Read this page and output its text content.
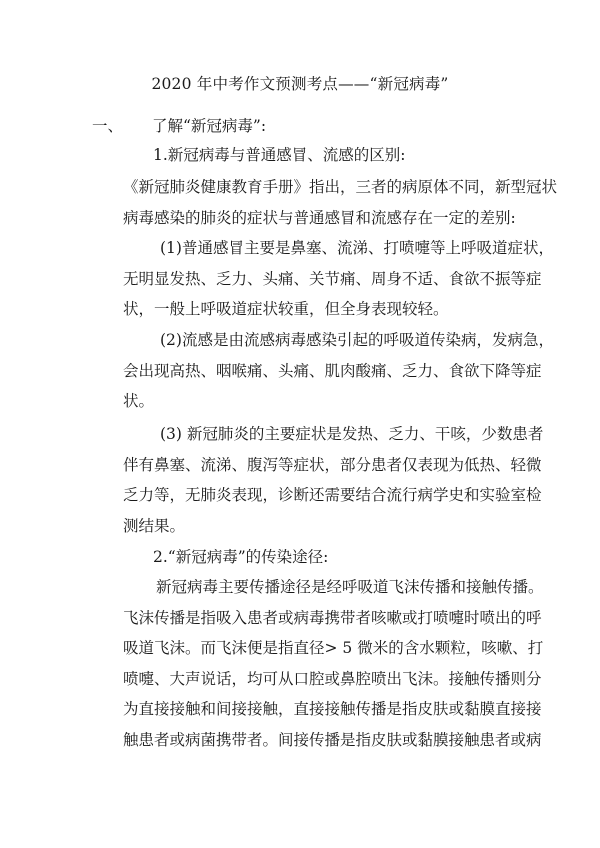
2020 年中考作文预测考点——“新冠病毒”
一、 了解“新冠病毒”:
1.新冠病毒与普通感冒、流感的区别:
《新冠肺炎健康教育手册》指出，三者的病原体不同，新型冠状
病毒感染的肺炎的症状与普通感冒和流感存在一定的差别:
(1)普通感冒主要是鼻塞、流涕、打喷嚏等上呼吸道症状，
无明显发热、乏力、头痛、关节痛、周身不适、食欲不振等症
状，一般上呼吸道症状较重，但全身表现较轻。
(2)流感是由流感病毒感染引起的呼吸道传染病，发病急，
会出现高热、咽喉痛、头痛、肌肉酸痛、乏力、食欲下降等症
状。
(3) 新冠肺炎的主要症状是发热、乏力、干咳，少数患者
伴有鼻塞、流涕、腹泻等症状，部分患者仅表现为低热、轻微
乏力等，无肺炎表现，诊断还需要结合流行病学史和实验室检
测结果。
2.“新冠病毒”的传染途径:
新冠病毒主要传播途径是经呼吸道飞沫传播和接触传播。
飞沫传播是指吸入患者或病毒携带者咳嗽或打喷嚏时喷出的呼
吸道飞沫。而飞沫便是指直径> 5 微米的含水颗粒，咳嗽、打
喷嚏、大声说话，均可从口腔或鼻腔喷出飞沫。接触传播则分
为直接接触和间接接触，直接接触传播是指皮肤或黏膜直接接
触患者或病菌携带者。间接传播是指皮肤或黏膜接触患者或病
